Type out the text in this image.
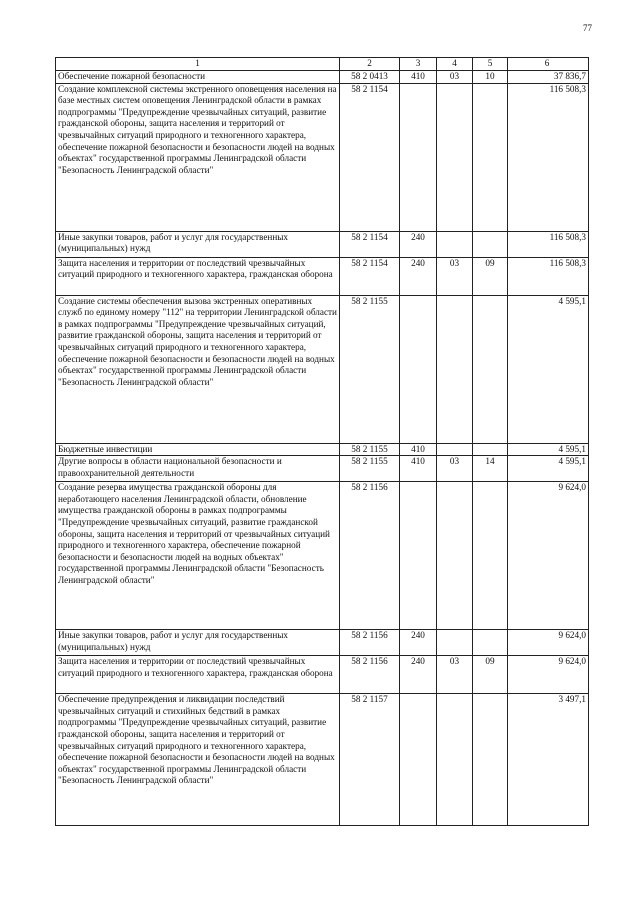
77
1	2	3	4	5	6
Обеспечение пожарной безопасности	58 2 0413	410	03	10	37 836,7
Создание комплексной системы экстренного оповещения населения на базе местных систем оповещения Ленинградской области в рамках подпрограммы "Предупреждение чрезвычайных ситуаций, развитие гражданской обороны, защита населения и территорий от чрезвычайных ситуаций природного и техногенного характера, обеспечение пожарной безопасности и безопасности людей на водных объектах" государственной программы Ленинградской области "Безопасность Ленинградской области"	58 2 1154				116 508,3
Иные закупки товаров, работ и услуг для государственных (муниципальных) нужд	58 2 1154	240			116 508,3
Защита населения и территории от последствий чрезвычайных ситуаций природного и техногенного характера, гражданская оборона	58 2 1154	240	03	09	116 508,3
Создание системы обеспечения вызова экстренных оперативных служб по единому номеру "112" на территории Ленинградской области в рамках подпрограммы "Предупреждение чрезвычайных ситуаций, развитие гражданской обороны, защита населения и территорий от чрезвычайных ситуаций природного и техногенного характера, обеспечение пожарной безопасности и безопасности людей на водных объектах" государственной программы Ленинградской области "Безопасность Ленинградской области"	58 2 1155				4 595,1
Бюджетные инвестиции	58 2 1155	410			4 595,1
Другие вопросы в области национальной безопасности и правоохранительной деятельности	58 2 1155	410	03	14	4 595,1
Создание резерва имущества гражданской обороны для неработающего населения Ленинградской области, обновление имущества гражданской обороны в рамках подпрограммы "Предупреждение чрезвычайных ситуаций, развитие гражданской обороны, защита населения и территорий от чрезвычайных ситуаций природного и техногенного характера, обеспечение пожарной безопасности и безопасности людей на водных объектах" государственной программы Ленинградской области "Безопасность Ленинградской области"	58 2 1156				9 624,0
Иные закупки товаров, работ и услуг для государственных (муниципальных) нужд	58 2 1156	240			9 624,0
Защита населения и территории от последствий чрезвычайных ситуаций природного и техногенного характера, гражданская оборона	58 2 1156	240	03	09	9 624,0
Обеспечение предупреждения и ликвидации последствий чрезвычайных ситуаций и стихийных бедствий в рамках подпрограммы "Предупреждение чрезвычайных ситуаций, развитие гражданской обороны, защита населения и территорий от чрезвычайных ситуаций природного и техногенного характера, обеспечение пожарной безопасности и безопасности людей на водных объектах" государственной программы Ленинградской области "Безопасность Ленинградской области"	58 2 1157				3 497,1
